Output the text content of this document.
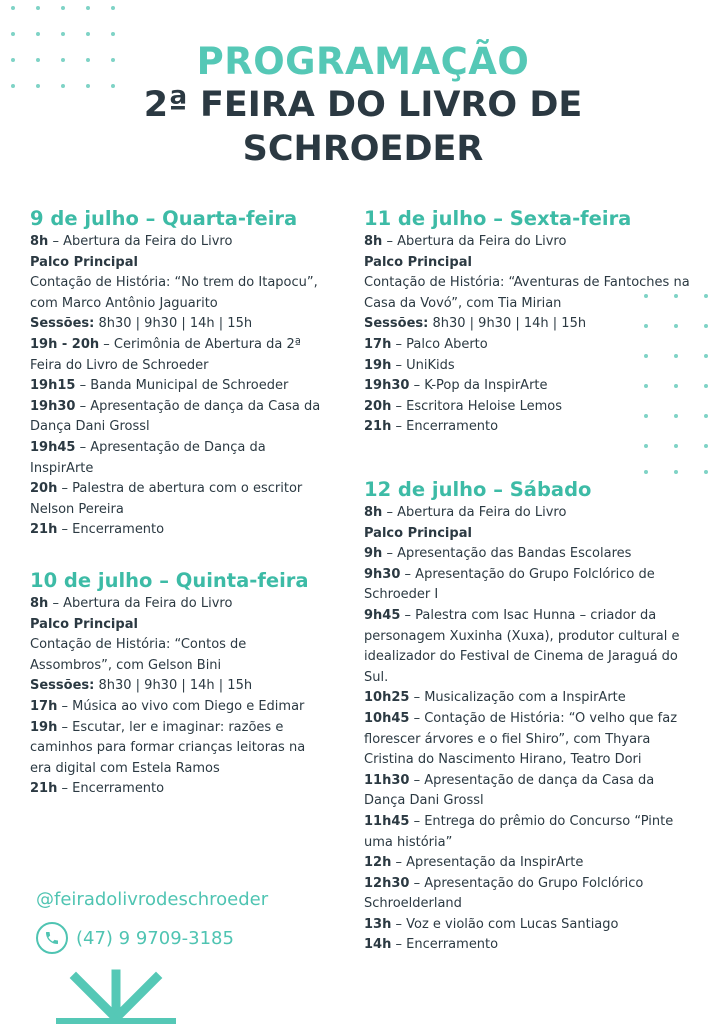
PROGRAMAÇÃO
2ª FEIRA DO LIVRO DE
SCHROEDER
9 de julho – Quarta-feira

8h – Abertura da Feira do Livro

Palco Principal

Contação de História: “No trem do Itapocu”, com Marco Antônio Jaguarito

Sessões: 8h30 | 9h30 | 14h | 15h

19h - 20h – Cerimônia de Abertura da 2ª Feira do Livro de Schroeder

19h15 – Banda Municipal de Schroeder

19h30 – Apresentação de dança da Casa da Dança Dani Grossl

19h45 – Apresentação de Dança da InspirArte

20h – Palestra de abertura com o escritor Nelson Pereira

21h – Encerramento

10 de julho – Quinta-feira

8h – Abertura da Feira do Livro

Palco Principal

Contação de História: “Contos de Assombros”, com Gelson Bini

Sessões: 8h30 | 9h30 | 14h | 15h

17h – Música ao vivo com Diego e Edimar

19h – Escutar, ler e imaginar: razões e caminhos para formar crianças leitoras na era digital com Estela Ramos

21h – Encerramento

11 de julho – Sexta-feira

8h – Abertura da Feira do Livro

Palco Principal

Contação de História: “Aventuras de Fantoches na Casa da Vovó”, com Tia Mirian

Sessões: 8h30 | 9h30 | 14h | 15h

17h – Palco Aberto

19h – UniKids

19h30 – K-Pop da InspirArte

20h – Escritora Heloise Lemos

21h – Encerramento

12 de julho – Sábado

8h – Abertura da Feira do Livro

Palco Principal

9h – Apresentação das Bandas Escolares

9h30 – Apresentação do Grupo Folclórico de Schroeder I

9h45 – Palestra com Isac Hunna – criador da personagem Xuxinha (Xuxa), produtor cultural e idealizador do Festival de Cinema de Jaraguá do Sul.

10h25 – Musicalização com a InspirArte

10h45 – Contação de História: “O velho que faz florescer árvores e o fiel Shiro”, com Thyara Cristina do Nascimento Hirano, Teatro Dori

11h30 – Apresentação de dança da Casa da Dança Dani Grossl

11h45 – Entrega do prêmio do Concurso “Pinte uma história”

12h – Apresentação da InspirArte

12h30 – Apresentação do Grupo Folclórico Schroelderland

13h – Voz e violão com Lucas Santiago

14h – Encerramento

@feiradolivrodeschroeder
(47) 9 9709-3185
